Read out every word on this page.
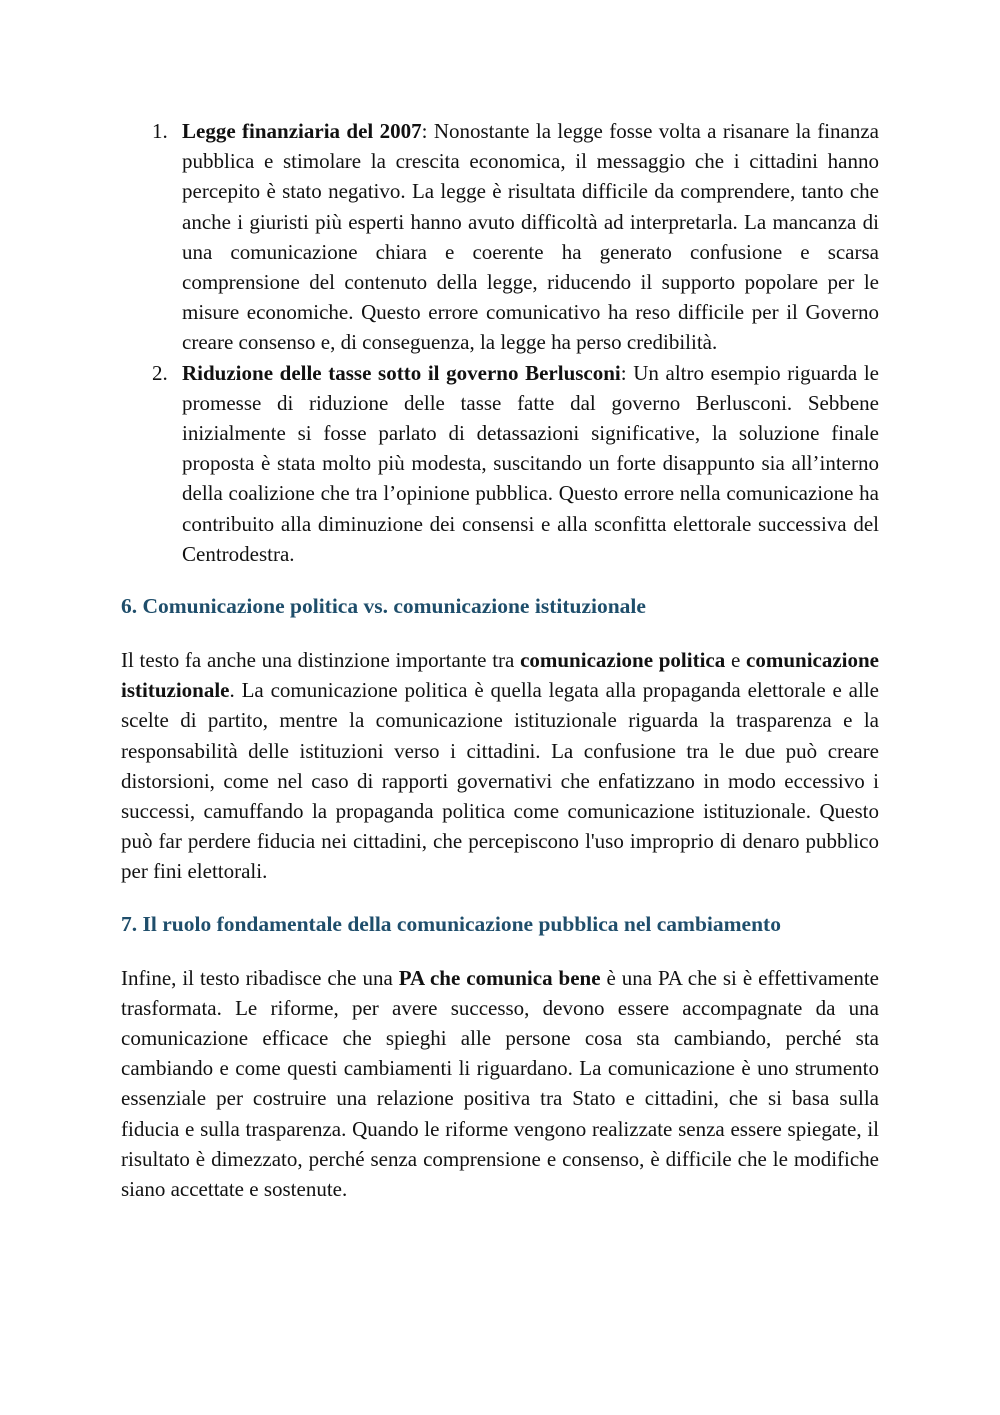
1. Legge finanziaria del 2007: Nonostante la legge fosse volta a risanare la finanza pubblica e stimolare la crescita economica, il messaggio che i cittadini hanno percepito è stato negativo. La legge è risultata difficile da comprendere, tanto che anche i giuristi più esperti hanno avuto difficoltà ad interpretarla. La mancanza di una comunicazione chiara e coerente ha generato confusione e scarsa comprensione del contenuto della legge, riducendo il supporto popolare per le misure economiche. Questo errore comunicativo ha reso difficile per il Governo creare consenso e, di conseguenza, la legge ha perso credibilità.
2. Riduzione delle tasse sotto il governo Berlusconi: Un altro esempio riguarda le promesse di riduzione delle tasse fatte dal governo Berlusconi. Sebbene inizialmente si fosse parlato di detassazioni significative, la soluzione finale proposta è stata molto più modesta, suscitando un forte disappunto sia all’interno della coalizione che tra l’opinione pubblica. Questo errore nella comunicazione ha contribuito alla diminuzione dei consensi e alla sconfitta elettorale successiva del Centrodestra.
6. Comunicazione politica vs. comunicazione istituzionale

Il testo fa anche una distinzione importante tra comunicazione politica e comunicazione istituzionale. La comunicazione politica è quella legata alla propaganda elettorale e alle scelte di partito, mentre la comunicazione istituzionale riguarda la trasparenza e la responsabilità delle istituzioni verso i cittadini. La confusione tra le due può creare distorsioni, come nel caso di rapporti governativi che enfatizzano in modo eccessivo i successi, camuffando la propaganda politica come comunicazione istituzionale. Questo può far perdere fiducia nei cittadini, che percepiscono l'uso improprio di denaro pubblico per fini elettorali.

7. Il ruolo fondamentale della comunicazione pubblica nel cambiamento

Infine, il testo ribadisce che una PA che comunica bene è una PA che si è effettivamente trasformata. Le riforme, per avere successo, devono essere accompagnate da una comunicazione efficace che spieghi alle persone cosa sta cambiando, perché sta cambiando e come questi cambiamenti li riguardano. La comunicazione è uno strumento essenziale per costruire una relazione positiva tra Stato e cittadini, che si basa sulla fiducia e sulla trasparenza. Quando le riforme vengono realizzate senza essere spiegate, il risultato è dimezzato, perché senza comprensione e consenso, è difficile che le modifiche siano accettate e sostenute.
